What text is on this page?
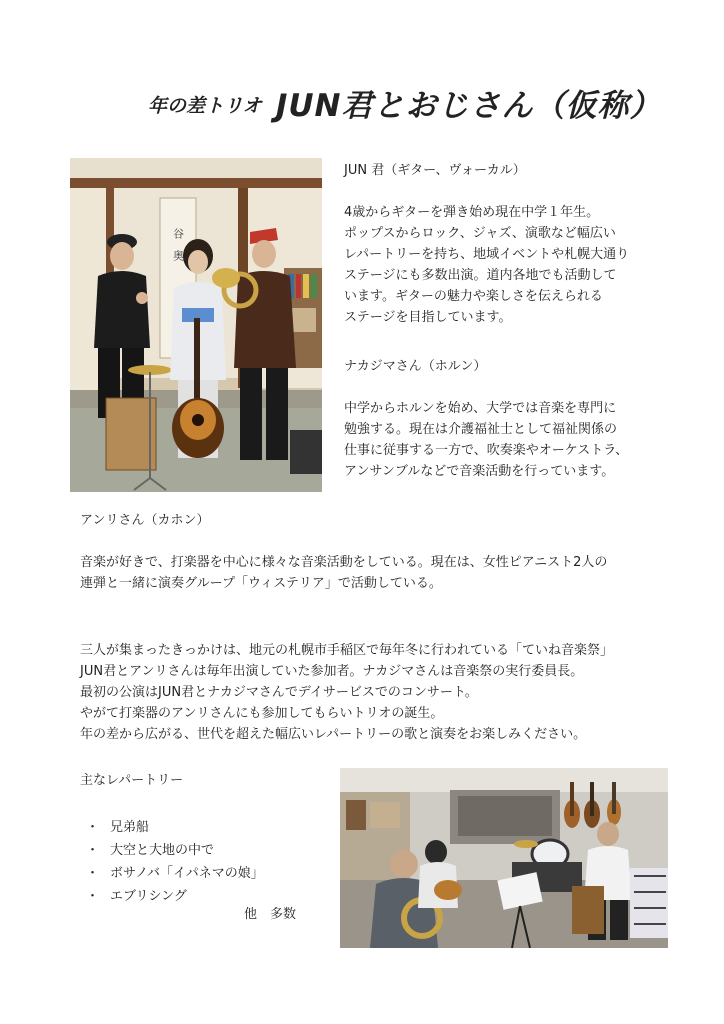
年の差トリオ JUN君とおじさん（仮称）
谷　奥
JUN 君（ギター、ヴォーカル）
4歳からギターを弾き始め現在中学１年生。
ポップスからロック、ジャズ、演歌など幅広い
レパートリーを持ち、地域イベントや札幌大通り
ステージにも多数出演。道内各地でも活動して
います。ギターの魅力や楽しさを伝えられる
ステージを目指しています。
ナカジマさん（ホルン）
中学からホルンを始め、大学では音楽を専門に
勉強する。現在は介護福祉士として福祉関係の
仕事に従事する一方で、吹奏楽やオーケストラ、
アンサンブルなどで音楽活動を行っています。
アンリさん（カホン）
音楽が好きで、打楽器を中心に様々な音楽活動をしている。現在は、女性ピアニスト2人の
連弾と一緒に演奏グループ「ウィステリア」で活動している。
三人が集まったきっかけは、地元の札幌市手稲区で毎年冬に行われている「ていね音楽祭」
JUN君とアンリさんは毎年出演していた参加者。ナカジマさんは音楽祭の実行委員長。
最初の公演はJUN君とナカジマさんでデイサービスでのコンサート。
やがて打楽器のアンリさんにも参加してもらいトリオの誕生。
年の差から広がる、世代を超えた幅広いレパートリーの歌と演奏をお楽しみください。
主なレパートリー
・ 兄弟船
・ 大空と大地の中で
・ ボサノバ「イパネマの娘」
・ エブリシング
他　多数
